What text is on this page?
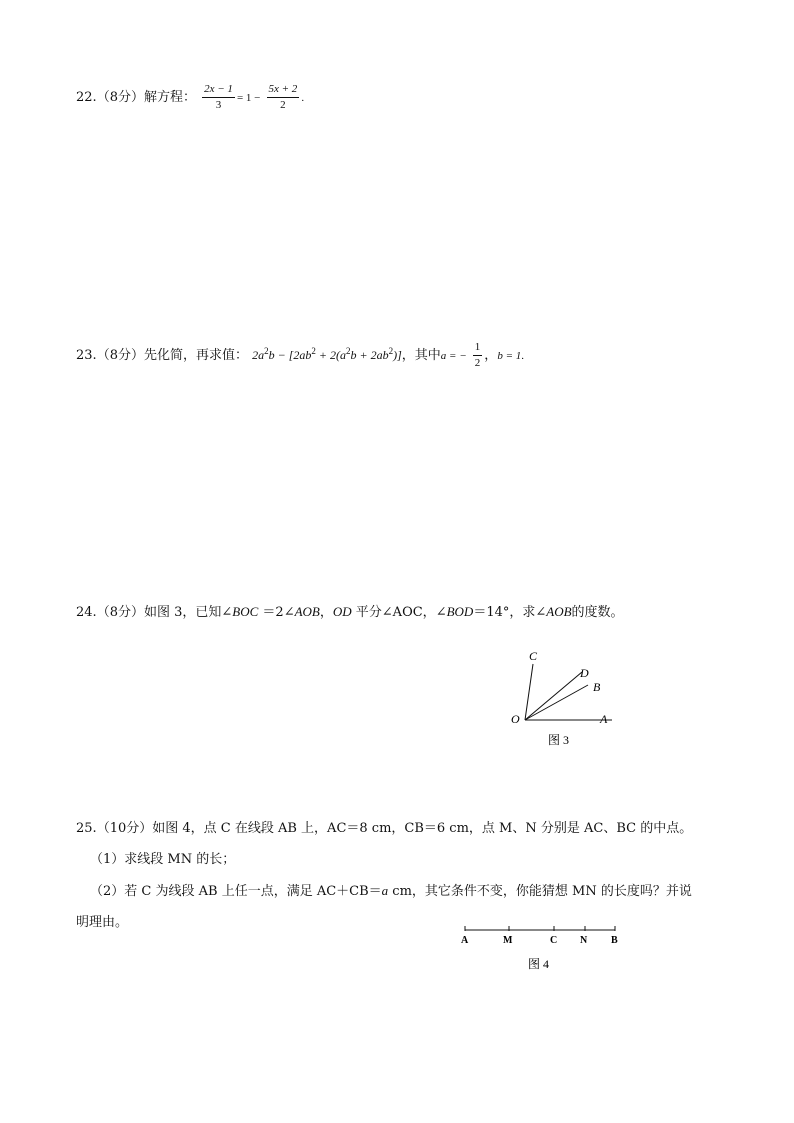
22.（8分）解方程： $\frac{2x - 1}{3} = 1 - \frac{5x + 2}{2}$ .
23.（8分）先化简，再求值： $2a^2b - [2ab^2 + 2(a^2b + 2ab^2)]$，其中a = − $\frac{1}{2}$ ，b = 1.
24.（8分）如图 3，已知∠BOC ＝2∠AOB，OD 平分∠AOC，∠BOD＝14°，求∠AOB的度数。
C
D
B
O	A
图 3
25.（10分）如图 4，点 C 在线段 AB 上，AC＝8 cm，CB＝6 cm，点 M、N 分别是 AC、BC 的中点。
（1）求线段 MN 的长；
（2）若 C 为线段 AB 上任一点，满足 AC＋CB＝a cm，其它条件不变，你能猜想 MN 的长度吗？并说
明理由。
A	M	C N B
图 4
